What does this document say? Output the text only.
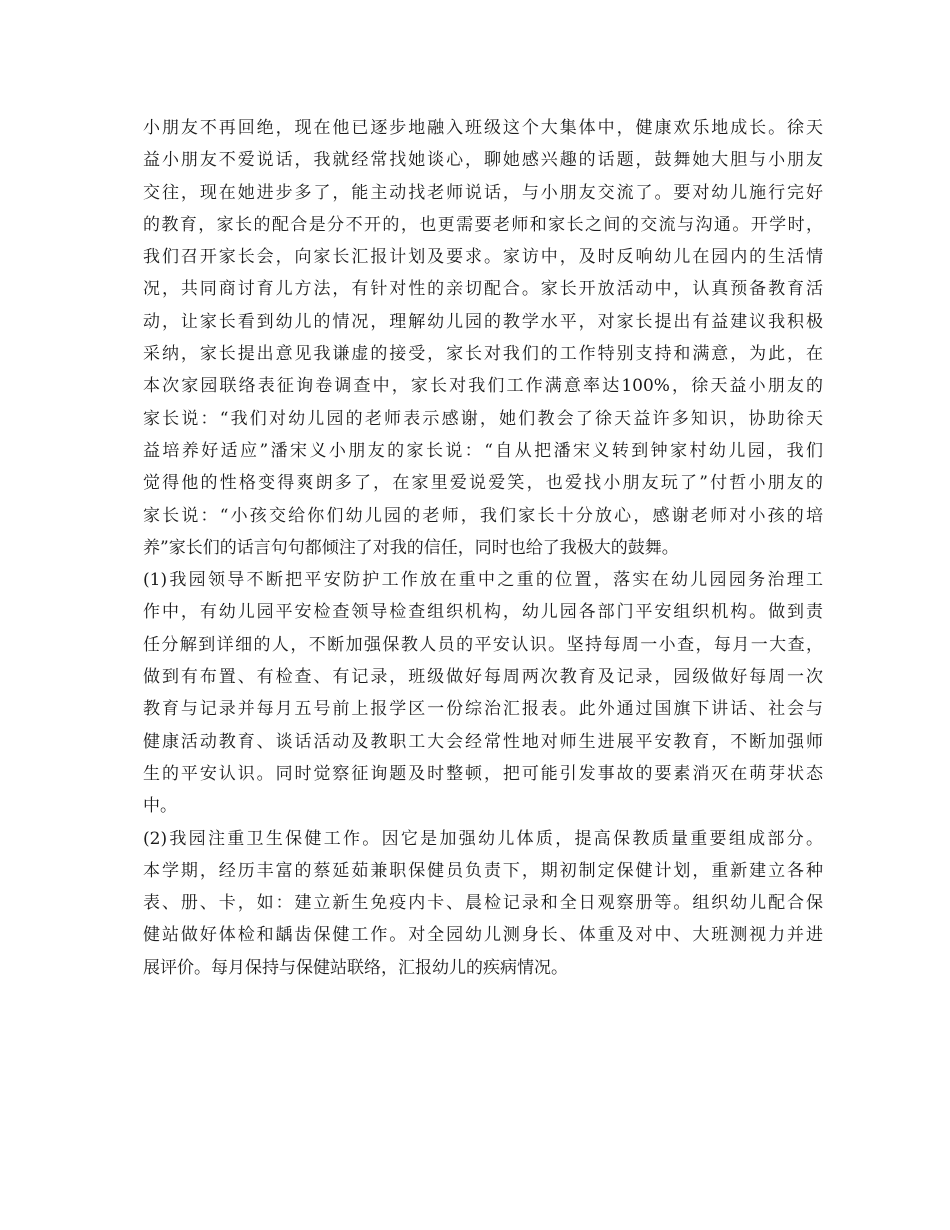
小朋友不再回绝，现在他已逐步地融入班级这个大集体中，健康欢乐地成长。徐天
益小朋友不爱说话，我就经常找她谈心，聊她感兴趣的话题，鼓舞她大胆与小朋友
交往，现在她进步多了，能主动找老师说话，与小朋友交流了。要对幼儿施行完好
的教育，家长的配合是分不开的，也更需要老师和家长之间的交流与沟通。开学时，
我们召开家长会，向家长汇报计划及要求。家访中，及时反响幼儿在园内的生活情
况，共同商讨育儿方法，有针对性的亲切配合。家长开放活动中，认真预备教育活
动，让家长看到幼儿的情况，理解幼儿园的教学水平，对家长提出有益建议我积极
采纳，家长提出意见我谦虚的接受，家长对我们的工作特别支持和满意，为此，在
本次家园联络表征询卷调查中，家长对我们工作满意率达100%，徐天益小朋友的
家长说：“我们对幼儿园的老师表示感谢，她们教会了徐天益许多知识，协助徐天
益培养好适应”潘宋义小朋友的家长说：“自从把潘宋义转到钟家村幼儿园，我们
觉得他的性格变得爽朗多了，在家里爱说爱笑，也爱找小朋友玩了”付哲小朋友的
家长说：“小孩交给你们幼儿园的老师，我们家长十分放心，感谢老师对小孩的培
养”家长们的话言句句都倾注了对我的信任，同时也给了我极大的鼓舞。
(1)我园领导不断把平安防护工作放在重中之重的位置，落实在幼儿园园务治理工
作中，有幼儿园平安检查领导检查组织机构，幼儿园各部门平安组织机构。做到责
任分解到详细的人，不断加强保教人员的平安认识。坚持每周一小查，每月一大查，
做到有布置、有检查、有记录，班级做好每周两次教育及记录，园级做好每周一次
教育与记录并每月五号前上报学区一份综治汇报表。此外通过国旗下讲话、社会与
健康活动教育、谈话活动及教职工大会经常性地对师生进展平安教育，不断加强师
生的平安认识。同时觉察征询题及时整顿，把可能引发事故的要素消灭在萌芽状态
中。
(2)我园注重卫生保健工作。因它是加强幼儿体质，提高保教质量重要组成部分。
本学期，经历丰富的蔡延茹兼职保健员负责下，期初制定保健计划，重新建立各种
表、册、卡，如：建立新生免疫内卡、晨检记录和全日观察册等。组织幼儿配合保
健站做好体检和龋齿保健工作。对全园幼儿测身长、体重及对中、大班测视力并进
展评价。每月保持与保健站联络，汇报幼儿的疾病情况。
